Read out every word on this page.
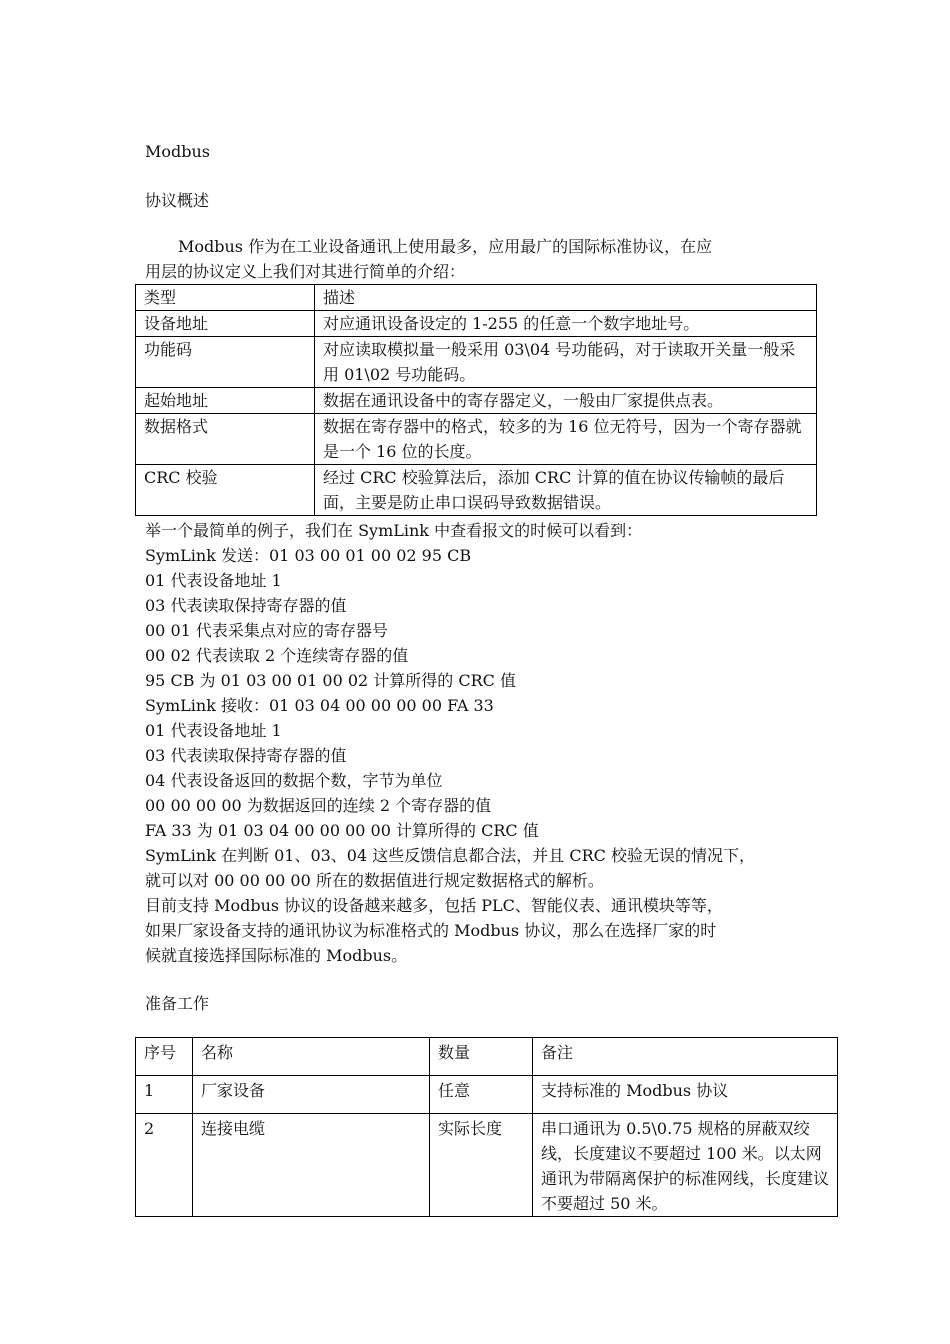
Modbus
协议概述
Modbus 作为在工业设备通讯上使用最多，应用最广的国际标准协议，在应
用层的协议定义上我们对其进行简单的介绍：
类型	描述
设备地址	对应通讯设备设定的 1-255 的任意一个数字地址号。
功能码	对应读取模拟量一般采用 03\04 号功能码，对于读取开关量一般采用 01\02 号功能码。
起始地址	数据在通讯设备中的寄存器定义，一般由厂家提供点表。
数据格式	数据在寄存器中的格式，较多的为 16 位无符号，因为一个寄存器就是一个 16 位的长度。
CRC 校验	经过 CRC 校验算法后，添加 CRC 计算的值在协议传输帧的最后面，主要是防止串口误码导致数据错误。
举一个最简单的例子，我们在 SymLink 中查看报文的时候可以看到：
SymLink 发送：01 03 00 01 00 02 95 CB
01 代表设备地址 1
03 代表读取保持寄存器的值
00 01 代表采集点对应的寄存器号
00 02 代表读取 2 个连续寄存器的值
95 CB 为 01 03 00 01 00 02 计算所得的 CRC 值
SymLink 接收：01 03 04 00 00 00 00 FA 33
01 代表设备地址 1
03 代表读取保持寄存器的值
04 代表设备返回的数据个数，字节为单位
00 00 00 00 为数据返回的连续 2 个寄存器的值
FA 33 为 01 03 04 00 00 00 00 计算所得的 CRC 值
SymLink 在判断 01、03、04 这些反馈信息都合法，并且 CRC 校验无误的情况下，
就可以对 00 00 00 00 所在的数据值进行规定数据格式的解析。
目前支持 Modbus 协议的设备越来越多，包括 PLC、智能仪表、通讯模块等等，
如果厂家设备支持的通讯协议为标准格式的 Modbus 协议，那么在选择厂家的时
候就直接选择国际标准的 Modbus。
准备工作
序号	名称	数量	备注
1	厂家设备	任意	支持标准的 Modbus 协议
2	连接电缆	实际长度	串口通讯为 0.5\0.75 规格的屏蔽双绞线，长度建议不要超过 100 米。以太网通讯为带隔离保护的标准网线，长度建议不要超过 50 米。
